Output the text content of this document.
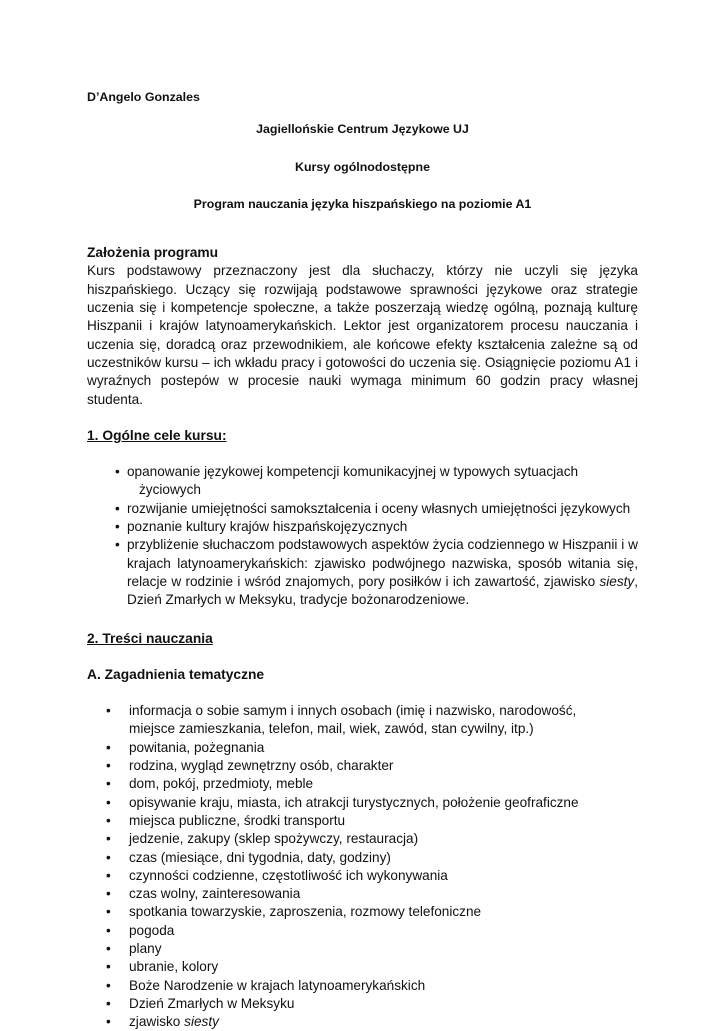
D’Angelo Gonzales

Jagiellońskie Centrum Językowe UJ

Kursy ogólnodostępne

Program nauczania języka hiszpańskiego na poziomie A1

Założenia programu

Kurs podstawowy przeznaczony jest dla słuchaczy, którzy nie uczyli się języka hiszpańskiego. Uczący się rozwijają podstawowe sprawności językowe oraz strategie uczenia się i kompetencje społeczne, a także poszerzają wiedzę ogólną, poznają kulturę Hiszpanii i krajów latynoamerykańskich. Lektor jest organizatorem procesu nauczania i uczenia się, doradcą oraz przewodnikiem, ale końcowe efekty kształcenia zależne są od uczestników kursu – ich wkładu pracy i gotowości do uczenia się. Osiągnięcie poziomu A1 i wyraźnych postepów w procesie nauki wymaga minimum 60 godzin pracy własnej studenta.

1. Ogólne cele kursu:

• opanowanie językowej kompetencji komunikacyjnej w typowych sytuacjach
życiowych
• rozwijanie umiejętności samokształcenia i oceny własnych umiejętności językowych
• poznanie kultury krajów hiszpańskojęzycznych
• przybliżenie słuchaczom podstawowych aspektów życia codziennego w Hiszpanii i w krajach latynoamerykańskich: zjawisko podwójnego nazwiska, sposób witania się, relacje w rodzinie i wśród znajomych, pory posiłków i ich zawartość, zjawisko siesty, Dzień Zmarłych w Meksyku, tradycje bożonarodzeniowe.

2. Treści nauczania

A. Zagadnienia tematyczne

• informacja o sobie samym i innych osobach (imię i nazwisko, narodowość,
miejsce zamieszkania, telefon, mail, wiek, zawód, stan cywilny, itp.)
• powitania, pożegnania
• rodzina, wygląd zewnętrzny osób, charakter
• dom, pokój, przedmioty, meble
• opisywanie kraju, miasta, ich atrakcji turystycznych, położenie geofraficzne
• miejsca publiczne, środki transportu
• jedzenie, zakupy (sklep spożywczy, restauracja)
• czas (miesiące, dni tygodnia, daty, godziny)
• czynności codzienne, częstotliwość ich wykonywania
• czas wolny, zainteresowania
• spotkania towarzyskie, zaproszenia, rozmowy telefoniczne
• pogoda
• plany
• ubranie, kolory
• Boże Narodzenie w krajach latynoamerykańskich
• Dzień Zmarłych w Meksyku
• zjawisko siesty
